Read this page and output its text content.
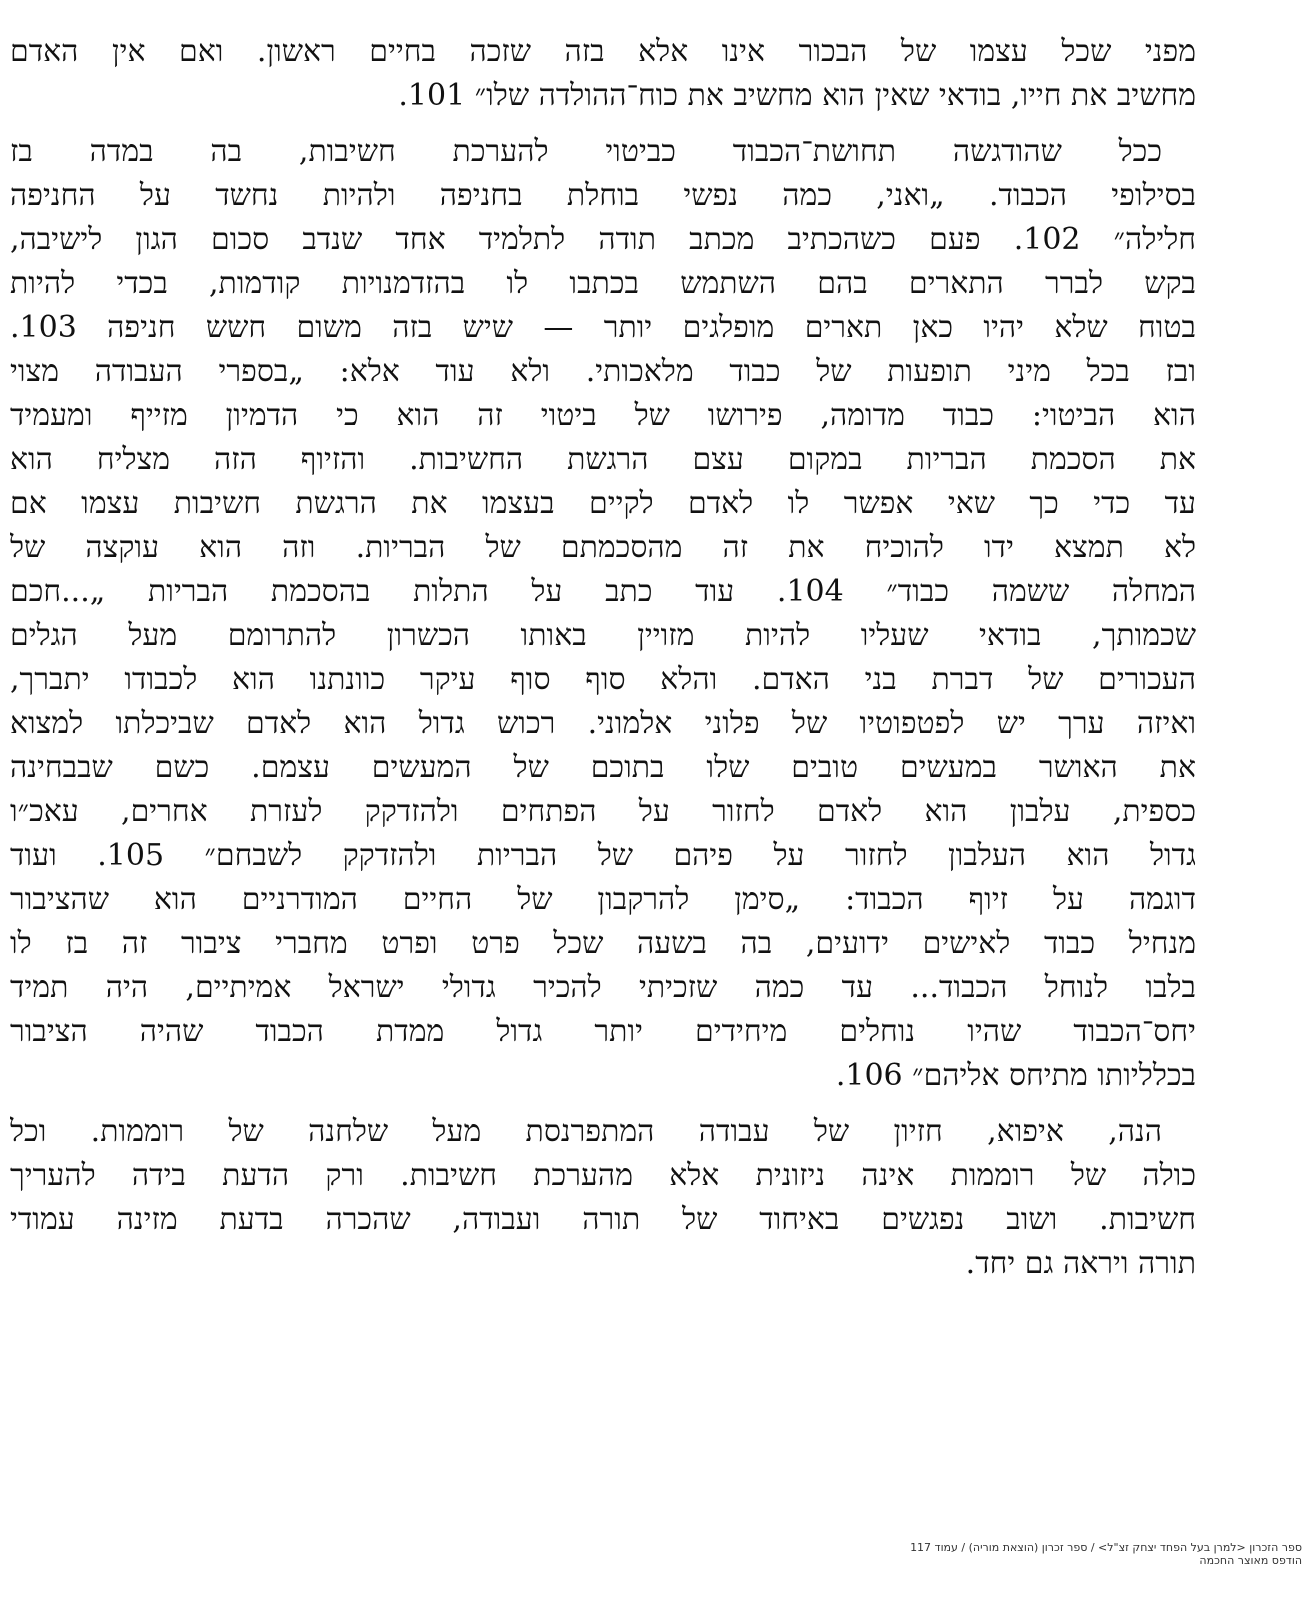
מפני שכל עצמו של הבכור אינו אלא בזה שזכה בחיים ראשון. ואם אין האדם
מחשיב את חייו, בודאי שאין הוא מחשיב את כוח־ההולדה שלו״ 101.
ככל שהודגשה תחושת־הכבוד כביטוי להערכת חשיבות, בה במדה בז
בסילופי הכבוד. „ואני, כמה נפשי בוחלת בחניפה ולהיות נחשד על החניפה
חלילה״ 102. פעם כשהכתיב מכתב תודה לתלמיד אחד שנדב סכום הגון לישיבה,
בקש לברר התארים בהם השתמש בכתבו לו בהזדמנויות קודמות, בכדי להיות
בטוח שלא יהיו כאן תארים מופלגים יותר — שיש בזה משום חשש חניפה 103.
ובז בכל מיני תופעות של כבוד מלאכותי. ולא עוד אלא: „בספרי העבודה מצוי
הוא הביטוי: כבוד מדומה, פירושו של ביטוי זה הוא כי הדמיון מזייף ומעמיד
את הסכמת הבריות במקום עצם הרגשת החשיבות. והזיוף הזה מצליח הוא
עד כדי כך שאי אפשר לו לאדם לקיים בעצמו את הרגשת חשיבות עצמו אם
לא תמצא ידו להוכיח את זה מהסכמתם של הבריות. וזה הוא עוקצה של
המחלה ששמה כבוד״ 104. עוד כתב על התלות בהסכמת הבריות „...חכם
שכמותך, בודאי שעליו להיות מזויין באותו הכשרון להתרומם מעל הגלים
העכורים של דברת בני האדם. והלא סוף סוף עיקר כוונתנו הוא לכבודו יתברך,
ואיזה ערך יש לפטפוטיו של פלוני אלמוני. רכוש גדול הוא לאדם שביכלתו למצוא
את האושר במעשים טובים שלו בתוכם של המעשים עצמם. כשם שבבחינה
כספית, עלבון הוא לאדם לחזור על הפתחים ולהזדקק לעזרת אחרים, עאכ״ו
גדול הוא העלבון לחזור על פיהם של הבריות ולהזדקק לשבחם״ 105. ועוד
דוגמה על זיוף הכבוד: „סימן להרקבון של החיים המודרניים הוא שהציבור
מנחיל כבוד לאישים ידועים, בה בשעה שכל פרט ופרט מחברי ציבור זה בז לו
בלבו לנוחל הכבוד... עד כמה שזכיתי להכיר גדולי ישראל אמיתיים, היה תמיד
יחס־הכבוד שהיו נוחלים מיחידים יותר גדול ממדת הכבוד שהיה הציבור
בכלליותו מתיחס אליהם״ 106.
הנה, איפוא, חזיון של עבודה המתפרנסת מעל שלחנה של רוממות. וכל
כולה של רוממות אינה ניזונית אלא מהערכת חשיבות. ורק הדעת בידה להעריך
חשיבות. ושוב נפגשים באיחוד של תורה ועבודה, שהכרה בדעת מזינה עמודי
תורה ויראה גם יחד.
ספר הזכרון <למרן בעל הפחד יצחק זצ"ל> / ספר זכרון (הוצאת מוריה) / עמוד 117
הודפס מאוצר החכמה
